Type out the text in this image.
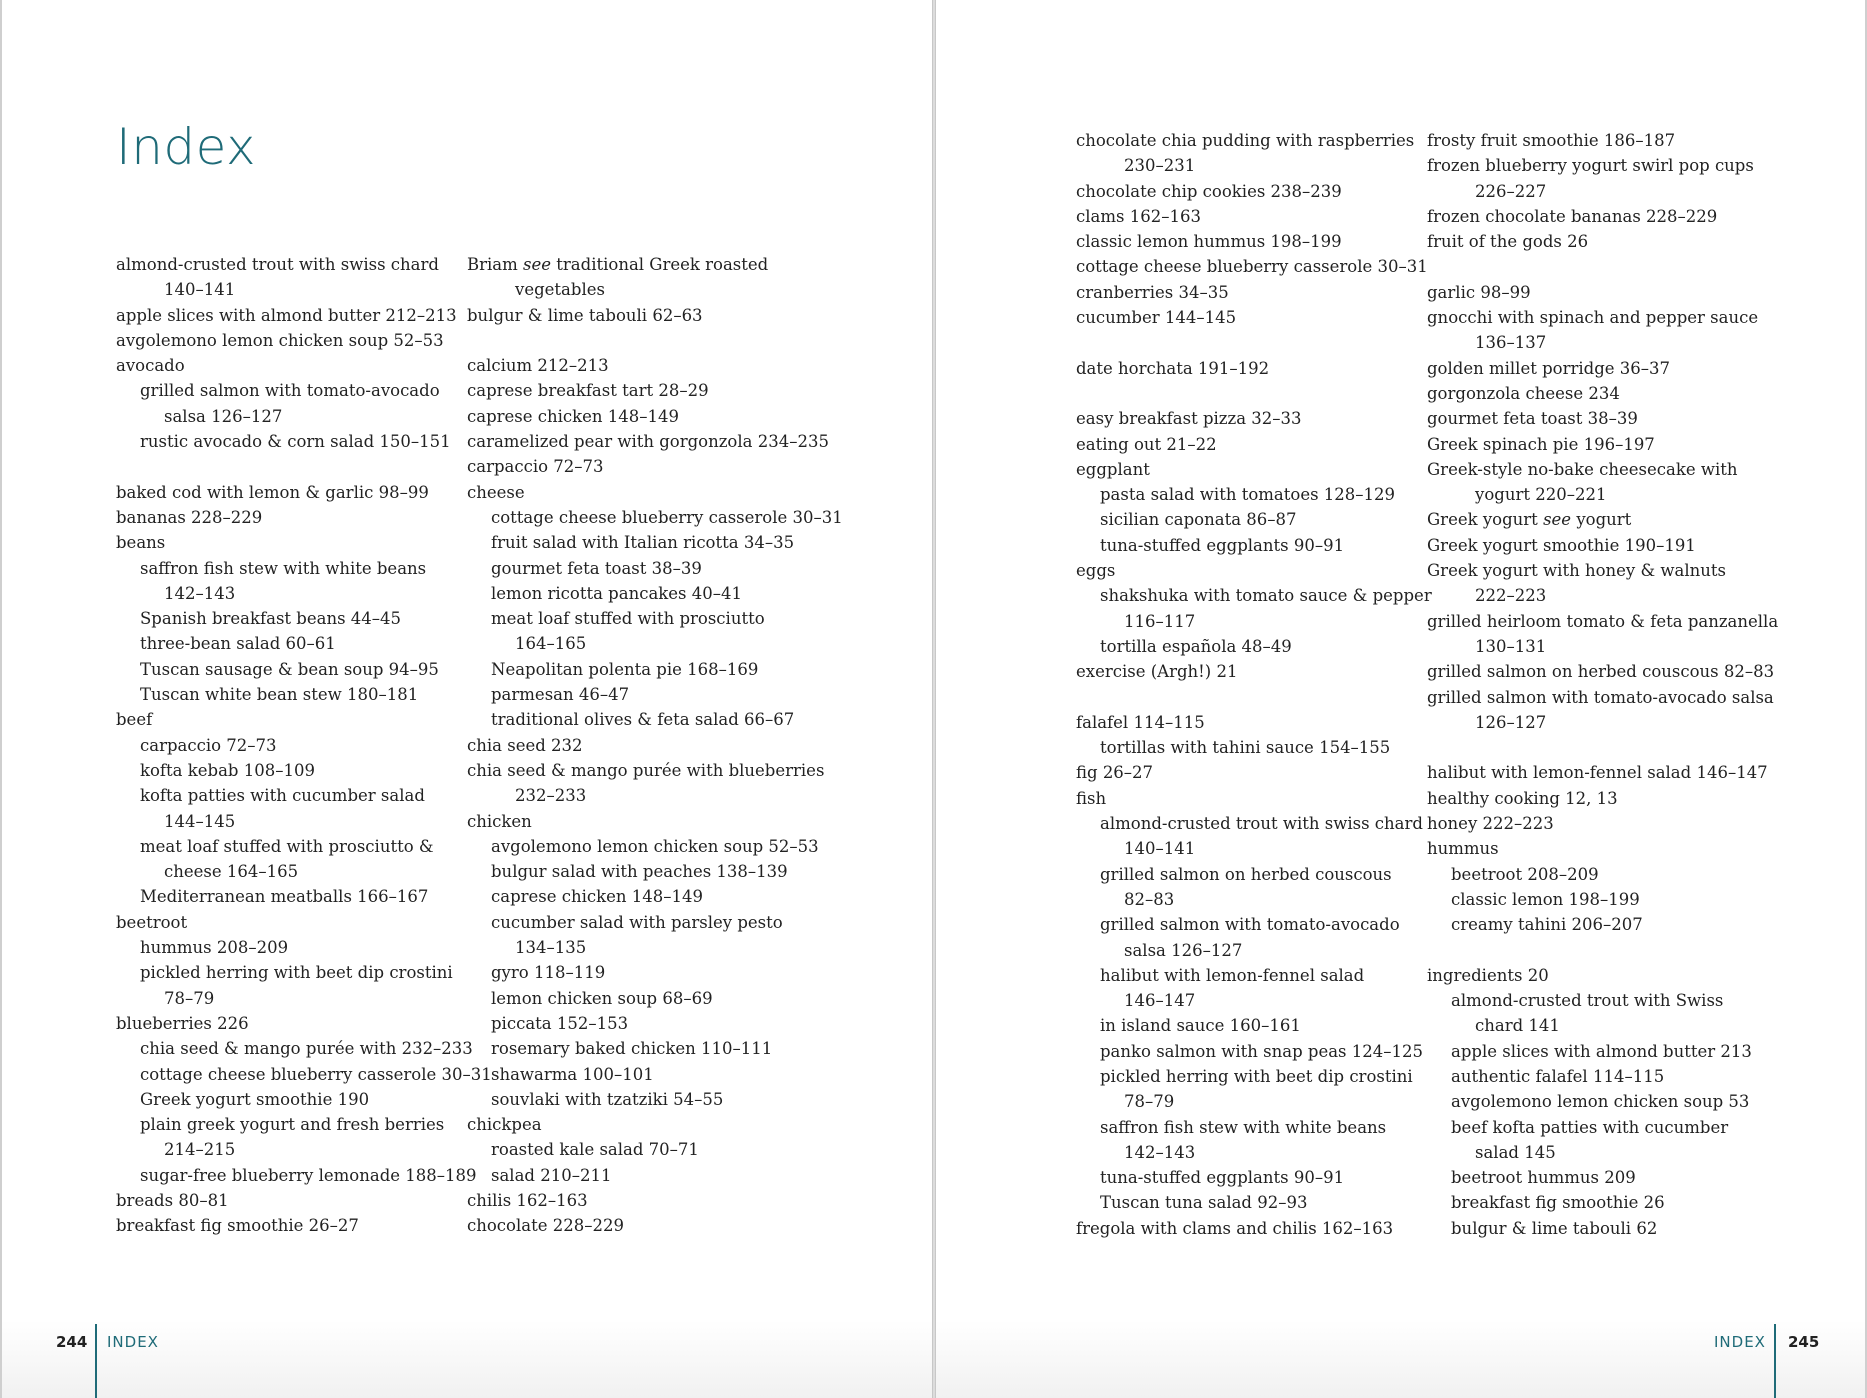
Index
almond-crusted trout with swiss chard
140–141
apple slices with almond butter 212–213
avgolemono lemon chicken soup 52–53
avocado
grilled salmon with tomato-avocado
salsa 126–127
rustic avocado & corn salad 150–151
baked cod with lemon & garlic 98–99
bananas 228–229
beans
saffron fish stew with white beans
142–143
Spanish breakfast beans 44–45
three-bean salad 60–61
Tuscan sausage & bean soup 94–95
Tuscan white bean stew 180–181
beef
carpaccio 72–73
kofta kebab 108–109
kofta patties with cucumber salad
144–145
meat loaf stuffed with prosciutto &
cheese 164–165
Mediterranean meatballs 166–167
beetroot
hummus 208–209
pickled herring with beet dip crostini
78–79
blueberries 226
chia seed & mango purée with 232–233
cottage cheese blueberry casserole 30–31
Greek yogurt smoothie 190
plain greek yogurt and fresh berries
214–215
sugar-free blueberry lemonade 188–189
breads 80–81
breakfast fig smoothie 26–27
Briam see traditional Greek roasted
vegetables
bulgur & lime tabouli 62–63
calcium 212–213
caprese breakfast tart 28–29
caprese chicken 148–149
caramelized pear with gorgonzola 234–235
carpaccio 72–73
cheese
cottage cheese blueberry casserole 30–31
fruit salad with Italian ricotta 34–35
gourmet feta toast 38–39
lemon ricotta pancakes 40–41
meat loaf stuffed with prosciutto
164–165
Neapolitan polenta pie 168–169
parmesan 46–47
traditional olives & feta salad 66–67
chia seed 232
chia seed & mango purée with blueberries
232–233
chicken
avgolemono lemon chicken soup 52–53
bulgur salad with peaches 138–139
caprese chicken 148–149
cucumber salad with parsley pesto
134–135
gyro 118–119
lemon chicken soup 68–69
piccata 152–153
rosemary baked chicken 110–111
shawarma 100–101
souvlaki with tzatziki 54–55
chickpea
roasted kale salad 70–71
salad 210–211
chilis 162–163
chocolate 228–229
244 INDEX
chocolate chia pudding with raspberries
230–231
chocolate chip cookies 238–239
clams 162–163
classic lemon hummus 198–199
cottage cheese blueberry casserole 30–31
cranberries 34–35
cucumber 144–145
date horchata 191–192
easy breakfast pizza 32–33
eating out 21–22
eggplant
pasta salad with tomatoes 128–129
sicilian caponata 86–87
tuna-stuffed eggplants 90–91
eggs
shakshuka with tomato sauce & pepper
116–117
tortilla española 48–49
exercise (Argh!) 21
falafel 114–115
tortillas with tahini sauce 154–155
fig 26–27
fish
almond-crusted trout with swiss chard
140–141
grilled salmon on herbed couscous
82–83
grilled salmon with tomato-avocado
salsa 126–127
halibut with lemon-fennel salad
146–147
in island sauce 160–161
panko salmon with snap peas 124–125
pickled herring with beet dip crostini
78–79
saffron fish stew with white beans
142–143
tuna-stuffed eggplants 90–91
Tuscan tuna salad 92–93
fregola with clams and chilis 162–163
frosty fruit smoothie 186–187
frozen blueberry yogurt swirl pop cups
226–227
frozen chocolate bananas 228–229
fruit of the gods 26
garlic 98–99
gnocchi with spinach and pepper sauce
136–137
golden millet porridge 36–37
gorgonzola cheese 234
gourmet feta toast 38–39
Greek spinach pie 196–197
Greek-style no-bake cheesecake with
yogurt 220–221
Greek yogurt see yogurt
Greek yogurt smoothie 190–191
Greek yogurt with honey & walnuts
222–223
grilled heirloom tomato & feta panzanella
130–131
grilled salmon on herbed couscous 82–83
grilled salmon with tomato-avocado salsa
126–127
halibut with lemon-fennel salad 146–147
healthy cooking 12, 13
honey 222–223
hummus
beetroot 208–209
classic lemon 198–199
creamy tahini 206–207
ingredients 20
almond-crusted trout with Swiss
chard 141
apple slices with almond butter 213
authentic falafel 114–115
avgolemono lemon chicken soup 53
beef kofta patties with cucumber
salad 145
beetroot hummus 209
breakfast fig smoothie 26
bulgur & lime tabouli 62
INDEX 245
